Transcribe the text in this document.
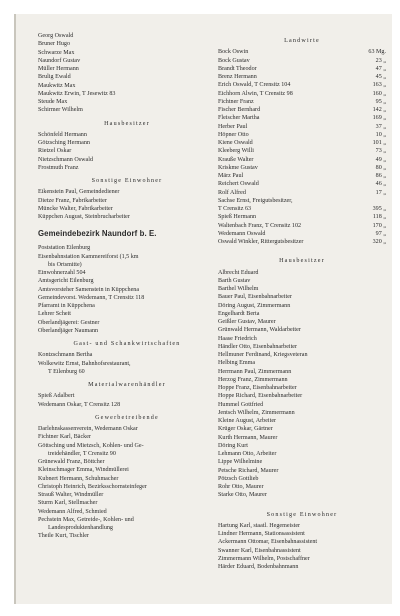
Georg Oswald
Bruner Hugo
Schwarze Max
Naundorf Gustav
Müller Hermann
Brulig Ewald
Maukwitz Max
Maukwitz Erwin, T Jesewitz 83
Steude Max
Schirmer Wilhelm
Hausbesitzer
Schönfeld Hermann
Götzsching Hermann
Rietzel Oskar
Nietzschmann Oswald
Frostmuth Franz
Sonstige Einwohner
Eikenstein Paul, Gemeindediener
Dietze Franz, Fabrikarbeiter
Müncke Walter, Fabrikarbeiter
Küppchen August, Steinbrucharbeiter
Gemeindebezirk Naundorf b. E.
Poststation Eilenburg
Eisenbahnstation Kammereiforst (1,5 km
bis Ortsmitte)
Einwohnerzahl 504
Amtsgericht Eilenburg
Amtsvorsteher Samenstein in Küppchena
Gemeindevorst. Wedemann, T Crensitz 118
Pfarramt in Küppchena
Lehrer Scheit
Oberlandjägerei: Gestner
Oberlandjäger Naumann
Gast- und Schankwirtschaften
Kontzschmann Bertha
Wolkewitz Ernst, Bahnhofsrestaurant,
T Eilenburg 60
Materialwarenhändler
Spieß Adalbert
Wedemann Oskar, T Crensitz 128
Gewerbetreibende
Darlehnskassenverein, Wedemann Oskar
Fichtner Karl, Bäcker
Göttsching und Mietzsch, Kohlen- und Ge-
treidehändler, T Crensitz 90
Grünewald Franz, Böttcher
Kleinschmager Emma, Windmüllerei
Kubnert Hermann, Schuhmacher
Christoph Heinrich, Bezirksschornsteinfeger
Strauß Walter, Windmüller
Sturm Karl, Stellmacher
Wedemann Alfred, Schmied
Pechstein Max, Getreide-, Kohlen- und
Landesproduktenhandlung
Theile Kurt, Tischler
Landwirte
Bock Oswin	63 Mg.
Bock Gustav	23 „
Brandt Theodor	47 „
Brenz Hermann	45 „
Erich Oswald, T Crensitz 104	163 „
Eichhorn Alwin, T Crensitz 98	160 „
Fichtner Franz	95 „
Fischer Bernhard	142 „
Fleischer Martha	169 „
Herber Paul	37 „
Höpner Otto	10 „
Kiene Oswald	101 „
Kleeberg Willi	73 „
Krauße Walter	49 „
Kriskme Gustav	80 „
März Paul	86 „
Reichert Oswald	46 „
Rolf Alfred	17 „
Sachse Ernst, Freigutsbesitzer,
T Crensitz 63	395 „
Spieß Hermann	118 „
Waltenbach Franz, T Crensitz 102	170 „
Wedemann Oswald	97 „
Oswald Winkler, Rittergutsbesitzer	320 „
Hausbesitzer
Albrecht Eduard
Barth Gustav
Barthel Wilhelm
Bauer Paul, Eisenbahnarbeiter
Döring August, Zimmermann
Engelhardt Berta
Geißler Gustav, Maurer
Grünwald Hermann, Waldarbeiter
Haase Friedrich
Händler Otto, Eisenbahnarbeiter
Hellmuner Ferdinand, Kriegsveteran
Helbing Emma
Herrmann Paul, Zimmermann
Herzog Franz, Zimmermann
Hoppe Franz, Eisenbahnarbeiter
Hoppe Richard, Eisenbahnarbeiter
Hummel Gottfried
Jentsch Wilhelm, Zimmermann
Kleine August, Arbeiter
Krüger Oskar, Gärtner
Kurth Hermann, Maurer
Döring Kurt
Lehmann Otto, Arbeiter
Lippe Wilhelmine
Petsche Richard, Maurer
Pötzsch Gottlieb
Rohr Otto, Maurer
Starke Otto, Maurer
Sonstige Einwohner
Hartung Karl, staatl. Hegemeister
Lindner Hermann, Stationsassistent
Ackermann Ottomar, Eisenbahnassistent
Swanner Karl, Eisenbahnassistent
Zimmermann Wilhelm, Postschaffner
Härder Eduard, Bodenbahnmann
